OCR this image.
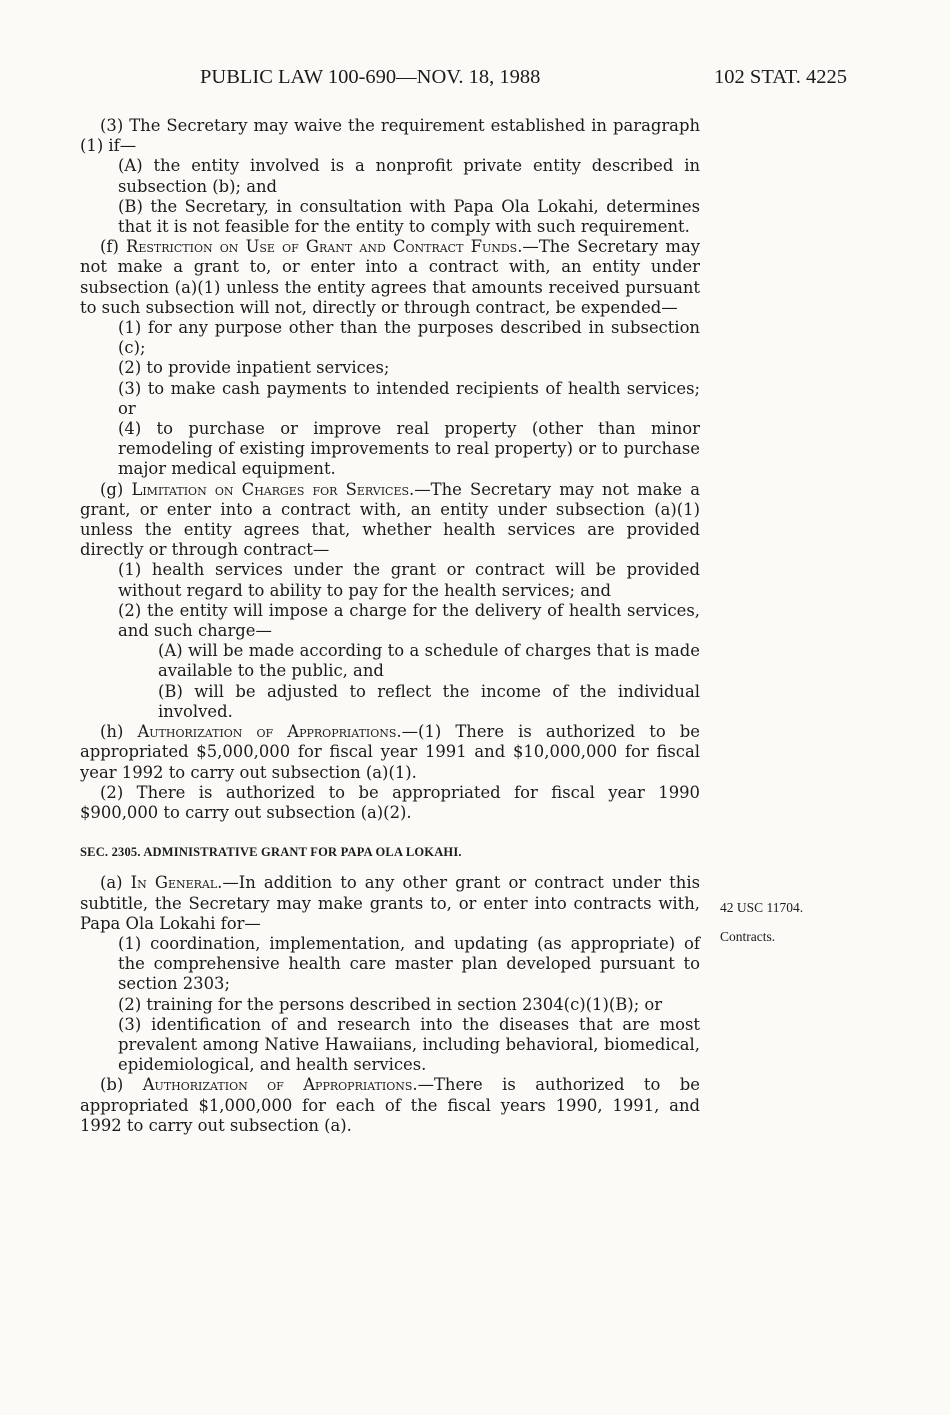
PUBLIC LAW 100-690—NOV. 18, 1988	102 STAT. 4225

(3) The Secretary may waive the requirement established in paragraph (1) if—

(A) the entity involved is a nonprofit private entity described in subsection (b); and

(B) the Secretary, in consultation with Papa Ola Lokahi, determines that it is not feasible for the entity to comply with such requirement.

(f) Restriction on Use of Grant and Contract Funds.—The Secretary may not make a grant to, or enter into a contract with, an entity under subsection (a)(1) unless the entity agrees that amounts received pursuant to such subsection will not, directly or through contract, be expended—

(1) for any purpose other than the purposes described in subsection (c);

(2) to provide inpatient services;

(3) to make cash payments to intended recipients of health services; or

(4) to purchase or improve real property (other than minor remodeling of existing improvements to real property) or to purchase major medical equipment.

(g) Limitation on Charges for Services.—The Secretary may not make a grant, or enter into a contract with, an entity under subsection (a)(1) unless the entity agrees that, whether health services are provided directly or through contract—

(1) health services under the grant or contract will be provided without regard to ability to pay for the health services; and

(2) the entity will impose a charge for the delivery of health services, and such charge—

(A) will be made according to a schedule of charges that is made available to the public, and

(B) will be adjusted to reflect the income of the individual involved.

(h) Authorization of Appropriations.—(1) There is authorized to be appropriated $5,000,000 for fiscal year 1991 and $10,000,000 for fiscal year 1992 to carry out subsection (a)(1).

(2) There is authorized to be appropriated for fiscal year 1990 $900,000 to carry out subsection (a)(2).

SEC. 2305. ADMINISTRATIVE GRANT FOR PAPA OLA LOKAHI.

(a) In General.—In addition to any other grant or contract under this subtitle, the Secretary may make grants to, or enter into contracts with, Papa Ola Lokahi for—

(1) coordination, implementation, and updating (as appropriate) of the comprehensive health care master plan developed pursuant to section 2303;

(2) training for the persons described in section 2304(c)(1)(B); or

(3) identification of and research into the diseases that are most prevalent among Native Hawaiians, including behavioral, biomedical, epidemiological, and health services.

(b) Authorization of Appropriations.—There is authorized to be appropriated $1,000,000 for each of the fiscal years 1990, 1991, and 1992 to carry out subsection (a).

42 USC 11704.
Contracts.
